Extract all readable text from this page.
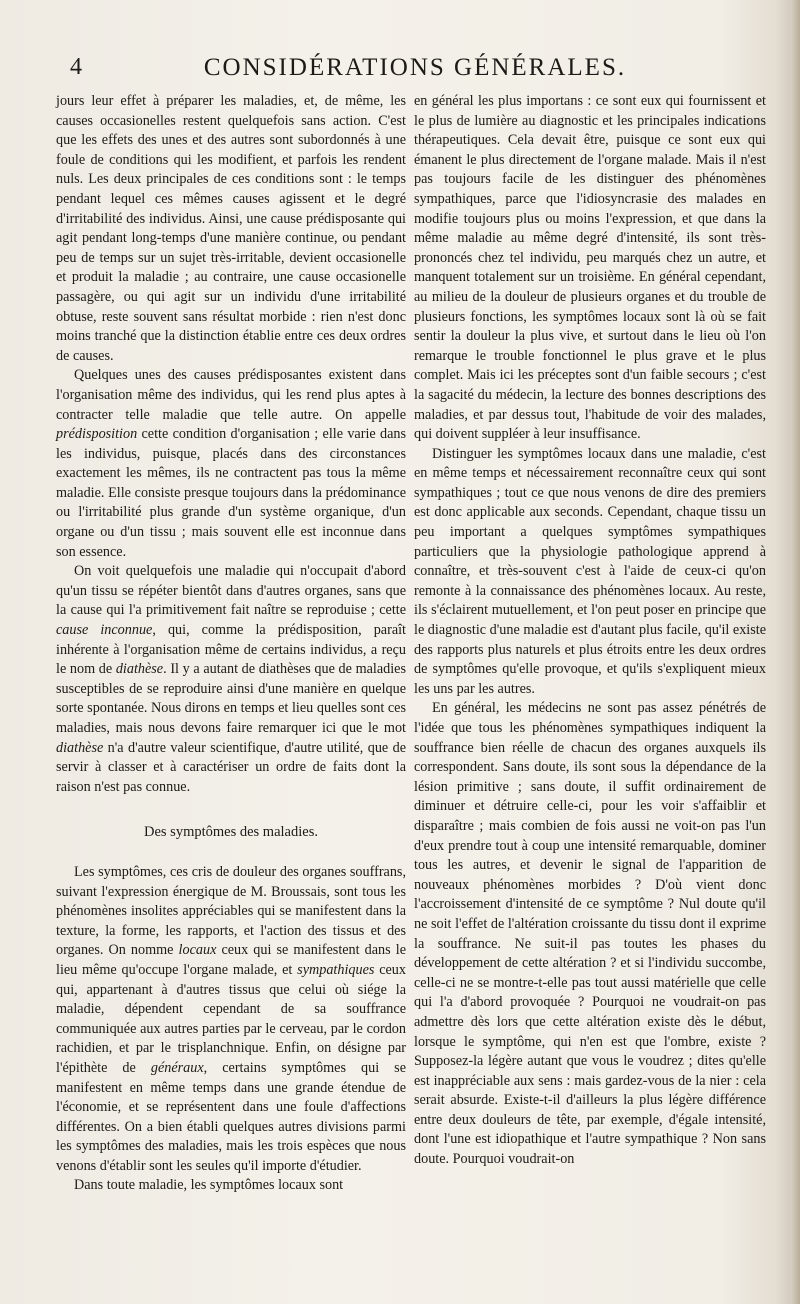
4	CONSIDÉRATIONS GÉNÉRALES.

jours leur effet à préparer les maladies, et, de même, les causes occasionelles restent quelquefois sans action. C'est que les effets des unes et des autres sont subordonnés à une foule de conditions qui les modifient, et parfois les rendent nuls. Les deux principales de ces conditions sont : le temps pendant lequel ces mêmes causes agissent et le degré d'irritabilité des individus. Ainsi, une cause prédisposante qui agit pendant long-temps d'une manière continue, ou pendant peu de temps sur un sujet très-irritable, devient occasionelle et produit la maladie ; au contraire, une cause occasionelle passagère, ou qui agit sur un individu d'une irritabilité obtuse, reste souvent sans résultat morbide : rien n'est donc moins tranché que la distinction établie entre ces deux ordres de causes.

Quelques unes des causes prédisposantes existent dans l'organisation même des individus, qui les rend plus aptes à contracter telle maladie que telle autre. On appelle prédisposition cette condition d'organisation ; elle varie dans les individus, puisque, placés dans des circonstances exactement les mêmes, ils ne contractent pas tous la même maladie. Elle consiste presque toujours dans la prédominance ou l'irritabilité plus grande d'un système organique, d'un organe ou d'un tissu ; mais souvent elle est inconnue dans son essence.

On voit quelquefois une maladie qui n'occupait d'abord qu'un tissu se répéter bientôt dans d'autres organes, sans que la cause qui l'a primitivement fait naître se reproduise ; cette cause inconnue, qui, comme la prédisposition, paraît inhérente à l'organisation même de certains individus, a reçu le nom de diathèse. Il y a autant de diathèses que de maladies susceptibles de se reproduire ainsi d'une manière en quelque sorte spontanée. Nous dirons en temps et lieu quelles sont ces maladies, mais nous devons faire remarquer ici que le mot diathèse n'a d'autre valeur scientifique, d'autre utilité, que de servir à classer et à caractériser un ordre de faits dont la raison n'est pas connue.

Des symptômes des maladies.

Les symptômes, ces cris de douleur des organes souffrans, suivant l'expression énergique de M. Broussais, sont tous les phénomènes insolites appréciables qui se manifestent dans la texture, la forme, les rapports, et l'action des tissus et des organes. On nomme locaux ceux qui se manifestent dans le lieu même qu'occupe l'organe malade, et sympathiques ceux qui, appartenant à d'autres tissus que celui où siége la maladie, dépendent cependant de sa souffrance communiquée aux autres parties par le cerveau, par le cordon rachidien, et par le trisplanchnique. Enfin, on désigne par l'épithète de généraux, certains symptômes qui se manifestent en même temps dans une grande étendue de l'économie, et se représentent dans une foule d'affections différentes. On a bien établi quelques autres divisions parmi les symptômes des maladies, mais les trois espèces que nous venons d'établir sont les seules qu'il importe d'étudier.

Dans toute maladie, les symptômes locaux sont

en général les plus importans : ce sont eux qui fournissent et le plus de lumière au diagnostic et les principales indications thérapeutiques. Cela devait être, puisque ce sont eux qui émanent le plus directement de l'organe malade. Mais il n'est pas toujours facile de les distinguer des phénomènes sympathiques, parce que l'idiosyncrasie des malades en modifie toujours plus ou moins l'expression, et que dans la même maladie au même degré d'intensité, ils sont très-prononcés chez tel individu, peu marqués chez un autre, et manquent totalement sur un troisième. En général cependant, au milieu de la douleur de plusieurs organes et du trouble de plusieurs fonctions, les symptômes locaux sont là où se fait sentir la douleur la plus vive, et surtout dans le lieu où l'on remarque le trouble fonctionnel le plus grave et le plus complet. Mais ici les préceptes sont d'un faible secours ; c'est la sagacité du médecin, la lecture des bonnes descriptions des maladies, et par dessus tout, l'habitude de voir des malades, qui doivent suppléer à leur insuffisance.

Distinguer les symptômes locaux dans une maladie, c'est en même temps et nécessairement reconnaître ceux qui sont sympathiques ; tout ce que nous venons de dire des premiers est donc applicable aux seconds. Cependant, chaque tissu un peu important a quelques symptômes sympathiques particuliers que la physiologie pathologique apprend à connaître, et très-souvent c'est à l'aide de ceux-ci qu'on remonte à la connaissance des phénomènes locaux. Au reste, ils s'éclairent mutuellement, et l'on peut poser en principe que le diagnostic d'une maladie est d'autant plus facile, qu'il existe des rapports plus naturels et plus étroits entre les deux ordres de symptômes qu'elle provoque, et qu'ils s'expliquent mieux les uns par les autres.

En général, les médecins ne sont pas assez pénétrés de l'idée que tous les phénomènes sympathiques indiquent la souffrance bien réelle de chacun des organes auxquels ils correspondent. Sans doute, ils sont sous la dépendance de la lésion primitive ; sans doute, il suffit ordinairement de diminuer et détruire celle-ci, pour les voir s'affaiblir et disparaître ; mais combien de fois aussi ne voit-on pas l'un d'eux prendre tout à coup une intensité remarquable, dominer tous les autres, et devenir le signal de l'apparition de nouveaux phénomènes morbides ? D'où vient donc l'accroissement d'intensité de ce symptôme ? Nul doute qu'il ne soit l'effet de l'altération croissante du tissu dont il exprime la souffrance. Ne suit-il pas toutes les phases du développement de cette altération ? et si l'individu succombe, celle-ci ne se montre-t-elle pas tout aussi matérielle que celle qui l'a d'abord provoquée ? Pourquoi ne voudrait-on pas admettre dès lors que cette altération existe dès le début, lorsque le symptôme, qui n'en est que l'ombre, existe ? Supposez-la légère autant que vous le voudrez ; dites qu'elle est inappréciable aux sens : mais gardez-vous de la nier : cela serait absurde. Existe-t-il d'ailleurs la plus légère différence entre deux douleurs de tête, par exemple, d'égale intensité, dont l'une est idiopathique et l'autre sympathique ? Non sans doute. Pourquoi voudrait-on
